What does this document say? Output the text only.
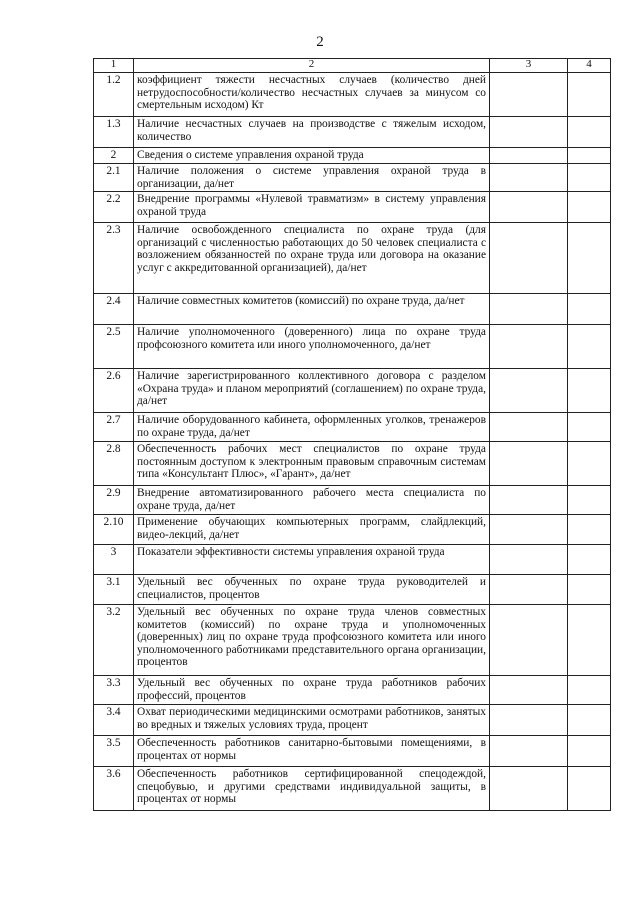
2
1	2	3	4
1.2	коэффициент тяжести несчастных случаев (количество дней нетрудоспособности/количество несчастных случаев за минусом со смертельным исходом) Кт		
1.3	Наличие несчастных случаев на производстве с тяжелым исходом, количество		
2	Сведения о системе управления охраной труда		
2.1	Наличие положения о системе управления охраной труда в организации, да/нет		
2.2	Внедрение программы «Нулевой травматизм» в систему управления охраной труда		
2.3	Наличие освобожденного специалиста по охране труда (для организаций с численностью работающих до 50 человек специалиста с возложением обязанностей по охране труда или договора на оказание услуг с аккредитованной организацией), да/нет		
2.4	Наличие совместных комитетов (комиссий) по охране труда, да/нет		
2.5	Наличие уполномоченного (доверенного) лица по охране труда профсоюзного комитета или иного уполномоченного, да/нет		
2.6	Наличие зарегистрированного коллективного договора с разделом «Охрана труда» и планом мероприятий (соглашением) по охране труда, да/нет		
2.7	Наличие оборудованного кабинета, оформленных уголков, тренажеров по охране труда, да/нет		
2.8	Обеспеченность рабочих мест специалистов по охране труда постоянным доступом к электронным правовым справочным системам типа «Консультант Плюс», «Гарант», да/нет		
2.9	Внедрение автоматизированного рабочего места специалиста по охране труда, да/нет		
2.10	Применение обучающих компьютерных программ, слайдлекций, видео-лекций, да/нет		
3	Показатели эффективности системы управления охраной труда		
3.1	Удельный вес обученных по охране труда руководителей и специалистов, процентов		
3.2	Удельный вес обученных по охране труда членов совместных комитетов (комиссий) по охране труда и уполномоченных (доверенных) лиц по охране труда профсоюзного комитета или иного уполномоченного работниками представительного органа организации, процентов		
3.3	Удельный вес обученных по охране труда работников рабочих профессий, процентов		
3.4	Охват периодическими медицинскими осмотрами работников, занятых во вредных и тяжелых условиях труда, процент		
3.5	Обеспеченность работников санитарно-бытовыми помещениями, в процентах от нормы		
3.6	Обеспеченность работников сертифицированной спецодеждой, спецобувью, и другими средствами индивидуальной защиты, в процентах от нормы		
